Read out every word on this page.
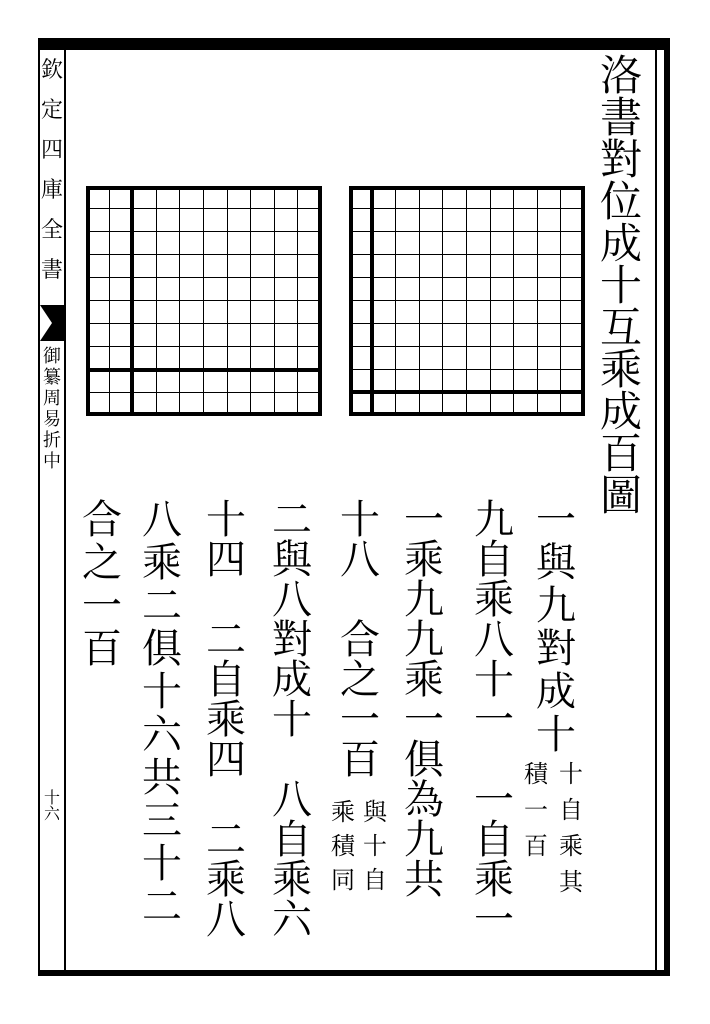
欽
定
四
庫
全
書
御
纂
周
易
折
中
十
六
洛
書
對
位
成
十
互
乘
成
百
圖
一
與
九
對
成
十
十
自
乘
其
積
一
百
九
自
乘
八
十
一
一
自
乘
一
一
乘
九
九
乘
一
俱
為
九
共
十
八
合
之
一
百
與
十
自
乘
積
同
二
與
八
對
成
十
八
自
乘
六
十
四
二
自
乘
四
二
乘
八
八
乘
二
俱
十
六
共
三
十
二
合
之
一
百
